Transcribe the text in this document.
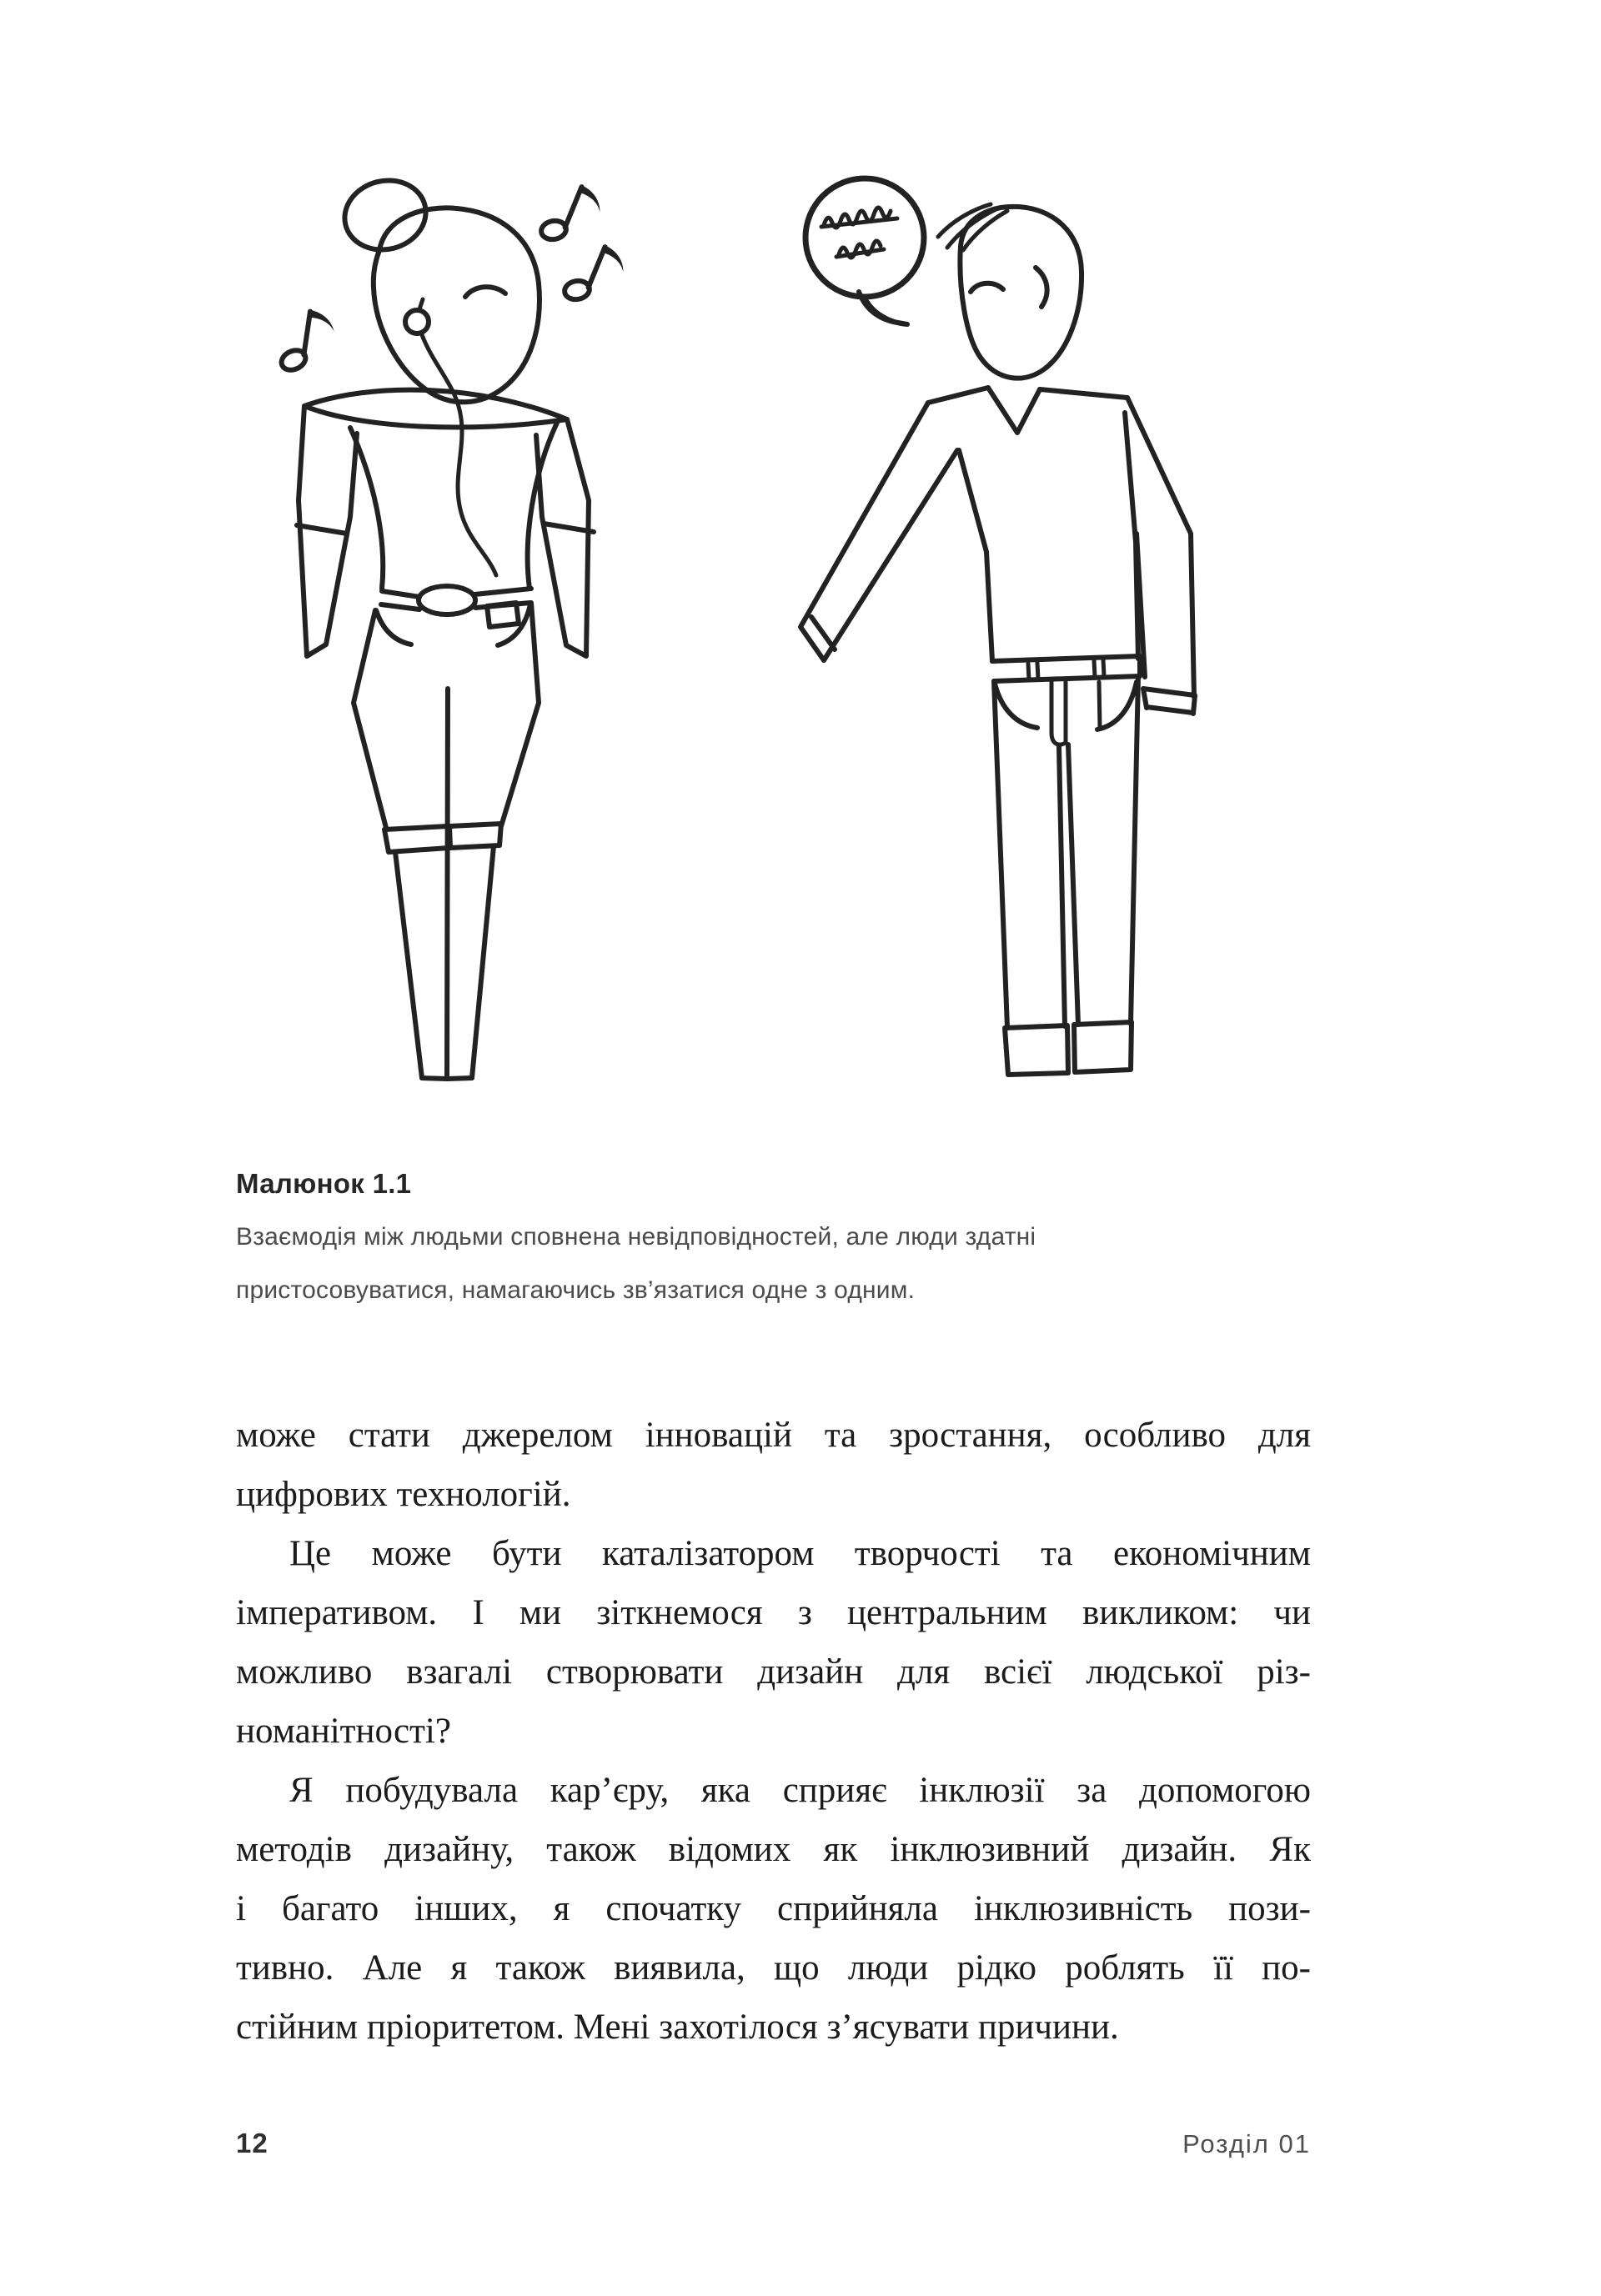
Малюнок 1.1
Взаємодія між людьми сповнена невідповідностей, але люди здатні
пристосовуватися, намагаючись зв’язатися одне з одним.
може стати джерелом інновацій та зростання, особливо для
цифрових технологій.
Це може бути каталізатором творчості та економічним
імперативом. І ми зіткнемося з центральним викликом: чи
можливо взагалі створювати дизайн для всієї людської різ-
номанітності?
Я побудувала кар’єру, яка сприяє інклюзії за допомогою
методів дизайну, також відомих як інклюзивний дизайн. Як
і багато інших, я спочатку сприйняла інклюзивність пози-
тивно. Але я також виявила, що люди рідко роблять її по-
стійним пріоритетом. Мені захотілося з’ясувати причини.
12	Розділ 01
